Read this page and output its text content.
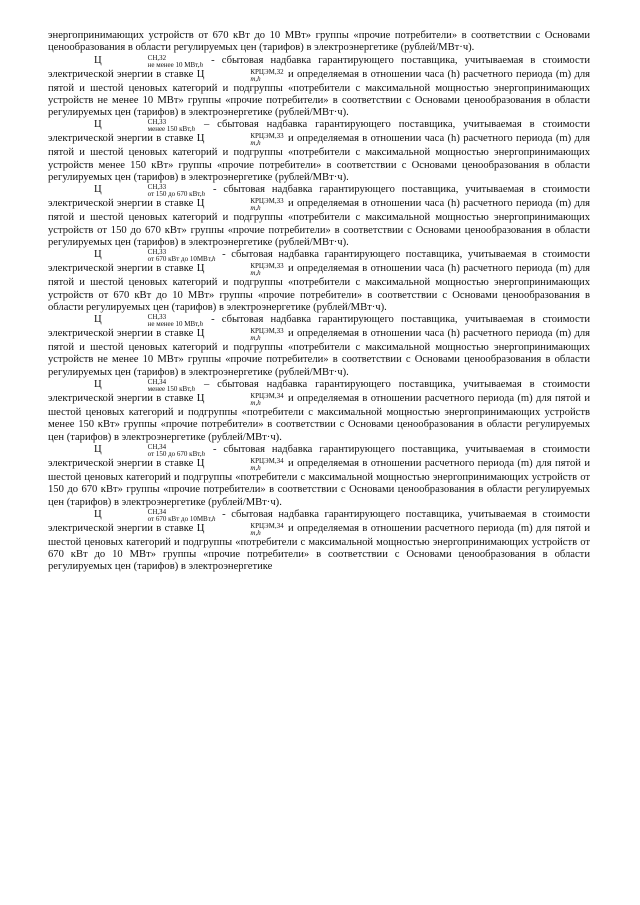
энергопринимающих устройств от 670 кВт до 10 МВт» группы «прочие потребители» в соответствии с Основами ценообразования в области регулируемых цен (тарифов) в электроэнергетике (рублей/МВт·ч).

Ц	СН,З2
не менее 10 МВт,h - сбытовая надбавка гарантирующего поставщика, учитываемая в стоимости электрической энергии в ставке Ц	КРЦЭМ,З2
m,h	и определяемая в отношении часа (h) расчетного периода (m) для пятой и шестой ценовых категорий и подгруппы «потребители с максимальной мощностью энергопринимающих устройств не менее 10 МВт» группы «прочие потребители» в соответствии с Основами ценообразования в области регулируемых цен (тарифов) в электроэнергетике (рублей/МВт·ч).

Ц	СН,З3
менее 150 кВт,h – сбытовая надбавка гарантирующего поставщика, учитываемая в стоимости электрической энергии в ставке Ц	КРЦЭМ,З3
m,h	и определяемая в отношении часа (h) расчетного периода (m) для пятой и шестой ценовых категорий и подгруппы «потребители с максимальной мощностью энергопринимающих устройств менее 150 кВт» группы «прочие потребители» в соответствии с Основами ценообразования в области регулируемых цен (тарифов) в электроэнергетике (рублей/МВт·ч).

Ц	СН,З3
от 150 до 670 кВт,h - сбытовая надбавка гарантирующего поставщика, учитываемая в стоимости электрической энергии в ставке Ц	КРЦЭМ,З3
m,h	и определяемая в отношении часа (h) расчетного периода (m) для пятой и шестой ценовых категорий и подгруппы «потребители с максимальной мощностью энергопринимающих устройств от 150 до 670 кВт» группы «прочие потребители» в соответствии с Основами ценообразования в области регулируемых цен (тарифов) в электроэнергетике (рублей/МВт·ч).

Ц	СН,З3
от 670 кВт до 10МВт,h - сбытовая надбавка гарантирующего поставщика, учитываемая в стоимости электрической энергии в ставке Ц	КРЦЭМ,З3
m,h	и определяемая в отношении часа (h) расчетного периода (m) для пятой и шестой ценовых категорий и подгруппы «потребители с максимальной мощностью энергопринимающих устройств от 670 кВт до 10 МВт» группы «прочие потребители» в соответствии с Основами ценообразования в области регулируемых цен (тарифов) в электроэнергетике (рублей/МВт·ч).

Ц	СН,З3
не менее 10 МВт,h - сбытовая надбавка гарантирующего поставщика, учитываемая в стоимости электрической энергии в ставке Ц	КРЦЭМ,З3
m,h	и определяемая в отношении часа (h) расчетного периода (m) для пятой и шестой ценовых категорий и подгруппы «потребители с максимальной мощностью энергопринимающих устройств не менее 10 МВт» группы «прочие потребители» в соответствии с Основами ценообразования в области регулируемых цен (тарифов) в электроэнергетике (рублей/МВт·ч).

Ц	СН,З4
менее 150 кВт,h – сбытовая надбавка гарантирующего поставщика, учитываемая в стоимости электрической энергии в ставке Ц	КРЦЭМ,З4
m,h	и определяемая в отношении расчетного периода (m) для пятой и шестой ценовых категорий и подгруппы «потребители с максимальной мощностью энергопринимающих устройств менее 150 кВт» группы «прочие потребители» в соответствии с Основами ценообразования в области регулируемых цен (тарифов) в электроэнергетике (рублей/МВт·ч).

Ц	СН,З4
от 150 до 670 кВт,h - сбытовая надбавка гарантирующего поставщика, учитываемая в стоимости электрической энергии в ставке Ц	КРЦЭМ,З4
m,h	и определяемая в отношении расчетного периода (m) для пятой и шестой ценовых категорий и подгруппы «потребители с максимальной мощностью энергопринимающих устройств от 150 до 670 кВт» группы «прочие потребители» в соответствии с Основами ценообразования в области регулируемых цен (тарифов) в электроэнергетике (рублей/МВт·ч).

Ц	СН,З4
от 670 кВт до 10МВт,h - сбытовая надбавка гарантирующего поставщика, учитываемая в стоимости электрической энергии в ставке Ц	КРЦЭМ,З4
m,h	и определяемая в отношении расчетного периода (m) для пятой и шестой ценовых категорий и подгруппы «потребители с максимальной мощностью энергопринимающих устройств от 670 кВт до 10 МВт» группы «прочие потребители» в соответствии с Основами ценообразования в области регулируемых цен (тарифов) в электроэнергетике
